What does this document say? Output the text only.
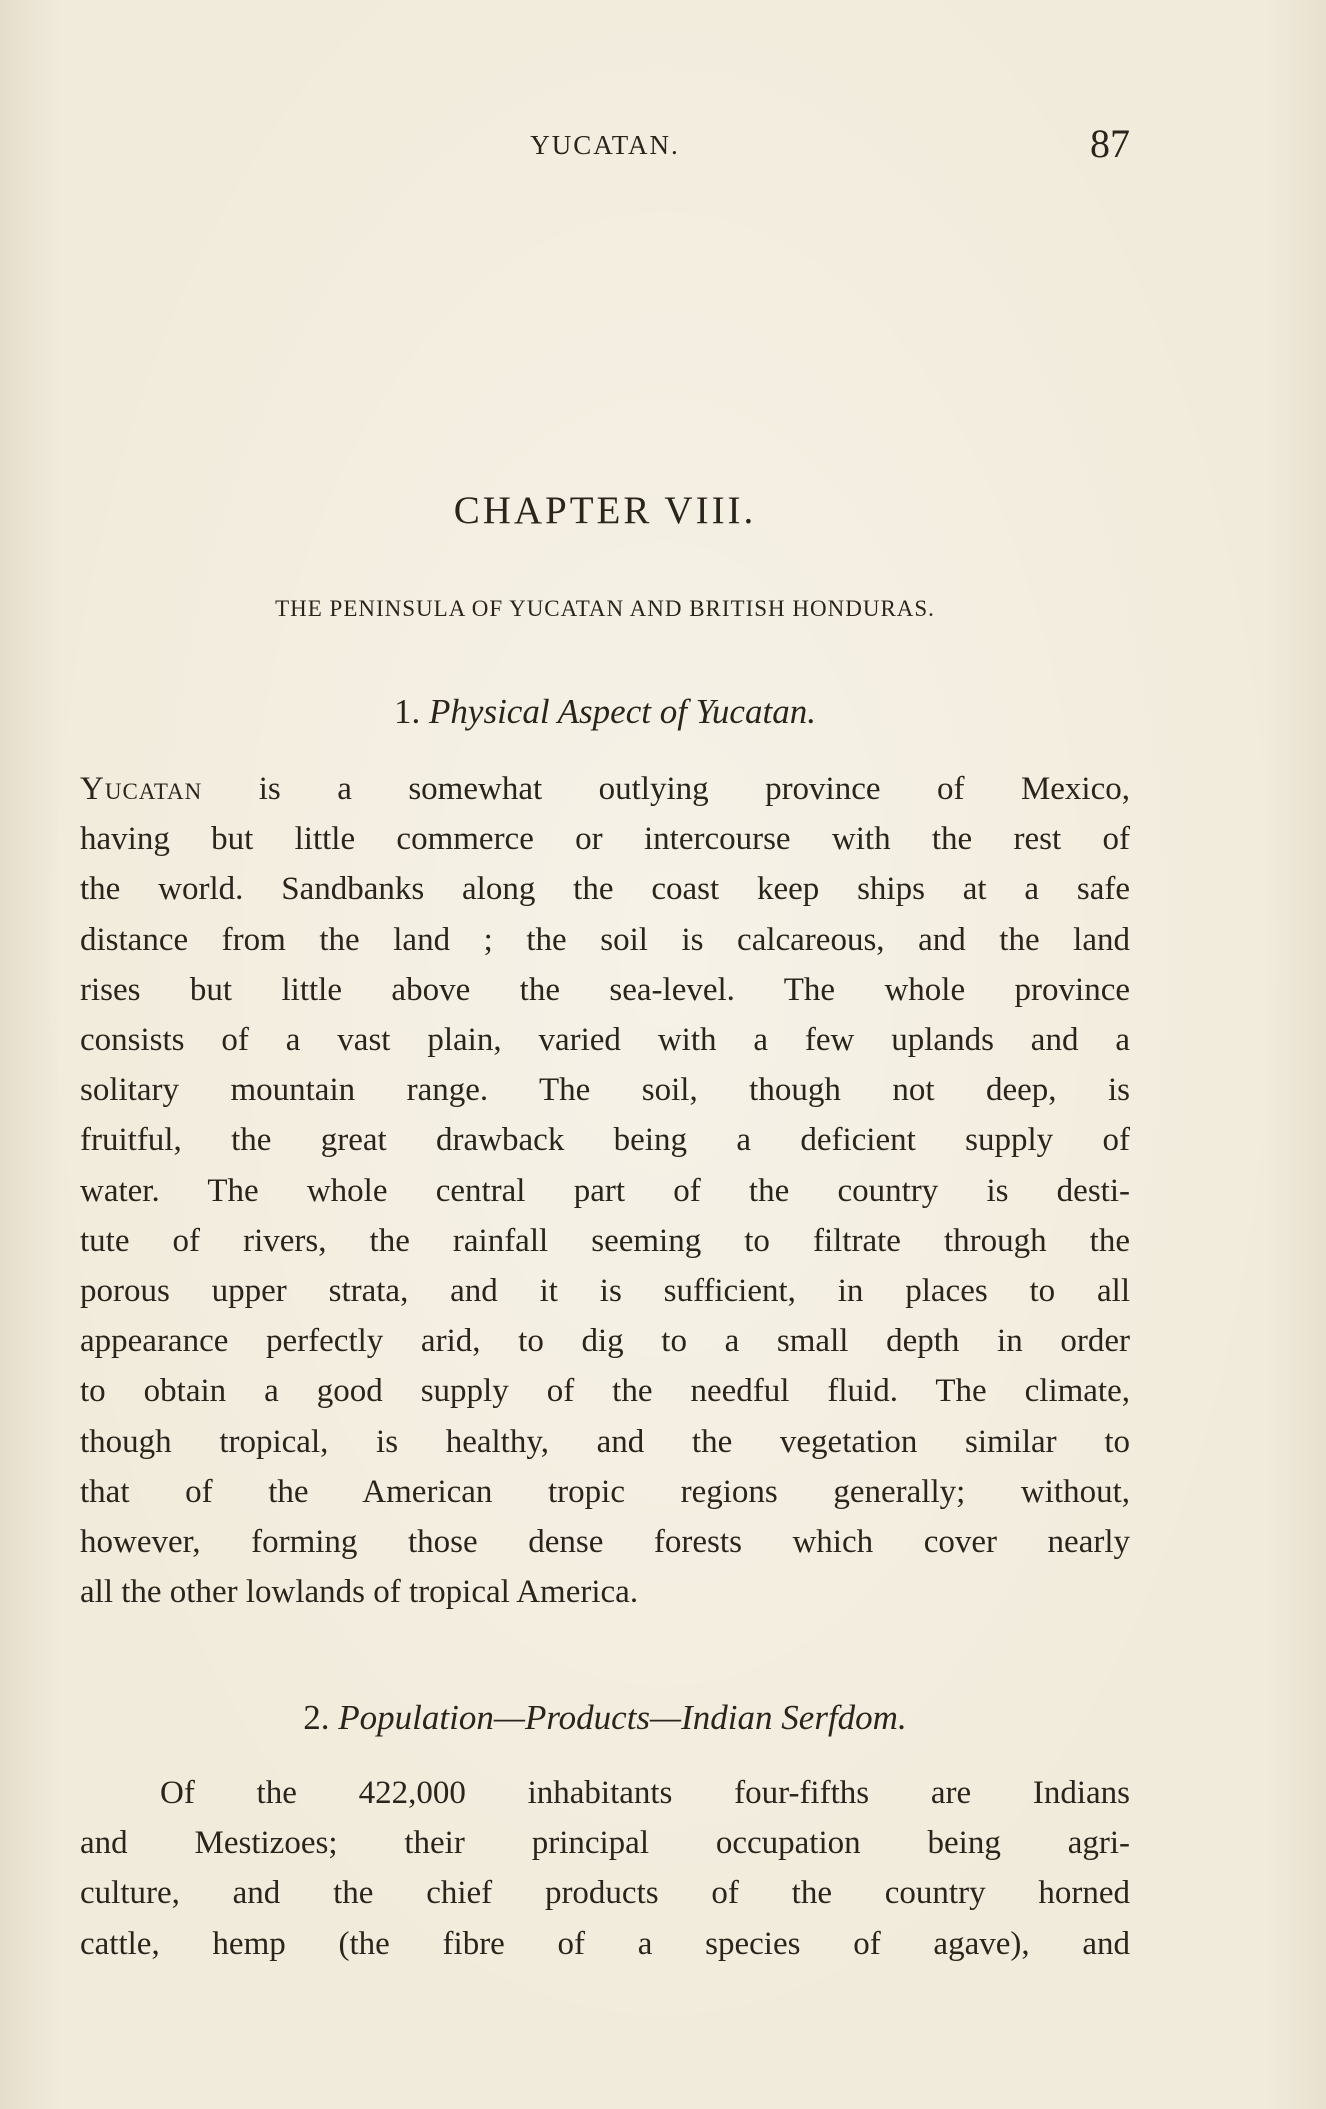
YUCATAN.	87
CHAPTER VIII.
THE PENINSULA OF YUCATAN AND BRITISH HONDURAS.
1. Physical Aspect of Yucatan.
Yucatan is a somewhat outlying province of Mexico,
having but little commerce or intercourse with the rest of
the world. Sandbanks along the coast keep ships at a safe
distance from the land ; the soil is calcareous, and the land
rises but little above the sea-level. The whole province
consists of a vast plain, varied with a few uplands and a
solitary mountain range. The soil, though not deep, is
fruitful, the great drawback being a deficient supply of
water. The whole central part of the country is desti-
tute of rivers, the rainfall seeming to filtrate through the
porous upper strata, and it is sufficient, in places to all
appearance perfectly arid, to dig to a small depth in order
to obtain a good supply of the needful fluid. The climate,
though tropical, is healthy, and the vegetation similar to
that of the American tropic regions generally; without,
however, forming those dense forests which cover nearly
all the other lowlands of tropical America.
2. Population—Products—Indian Serfdom.
Of the 422,000 inhabitants four-fifths are Indians
and Mestizoes; their principal occupation being agri-
culture, and the chief products of the country horned
cattle, hemp (the fibre of a species of agave), and
